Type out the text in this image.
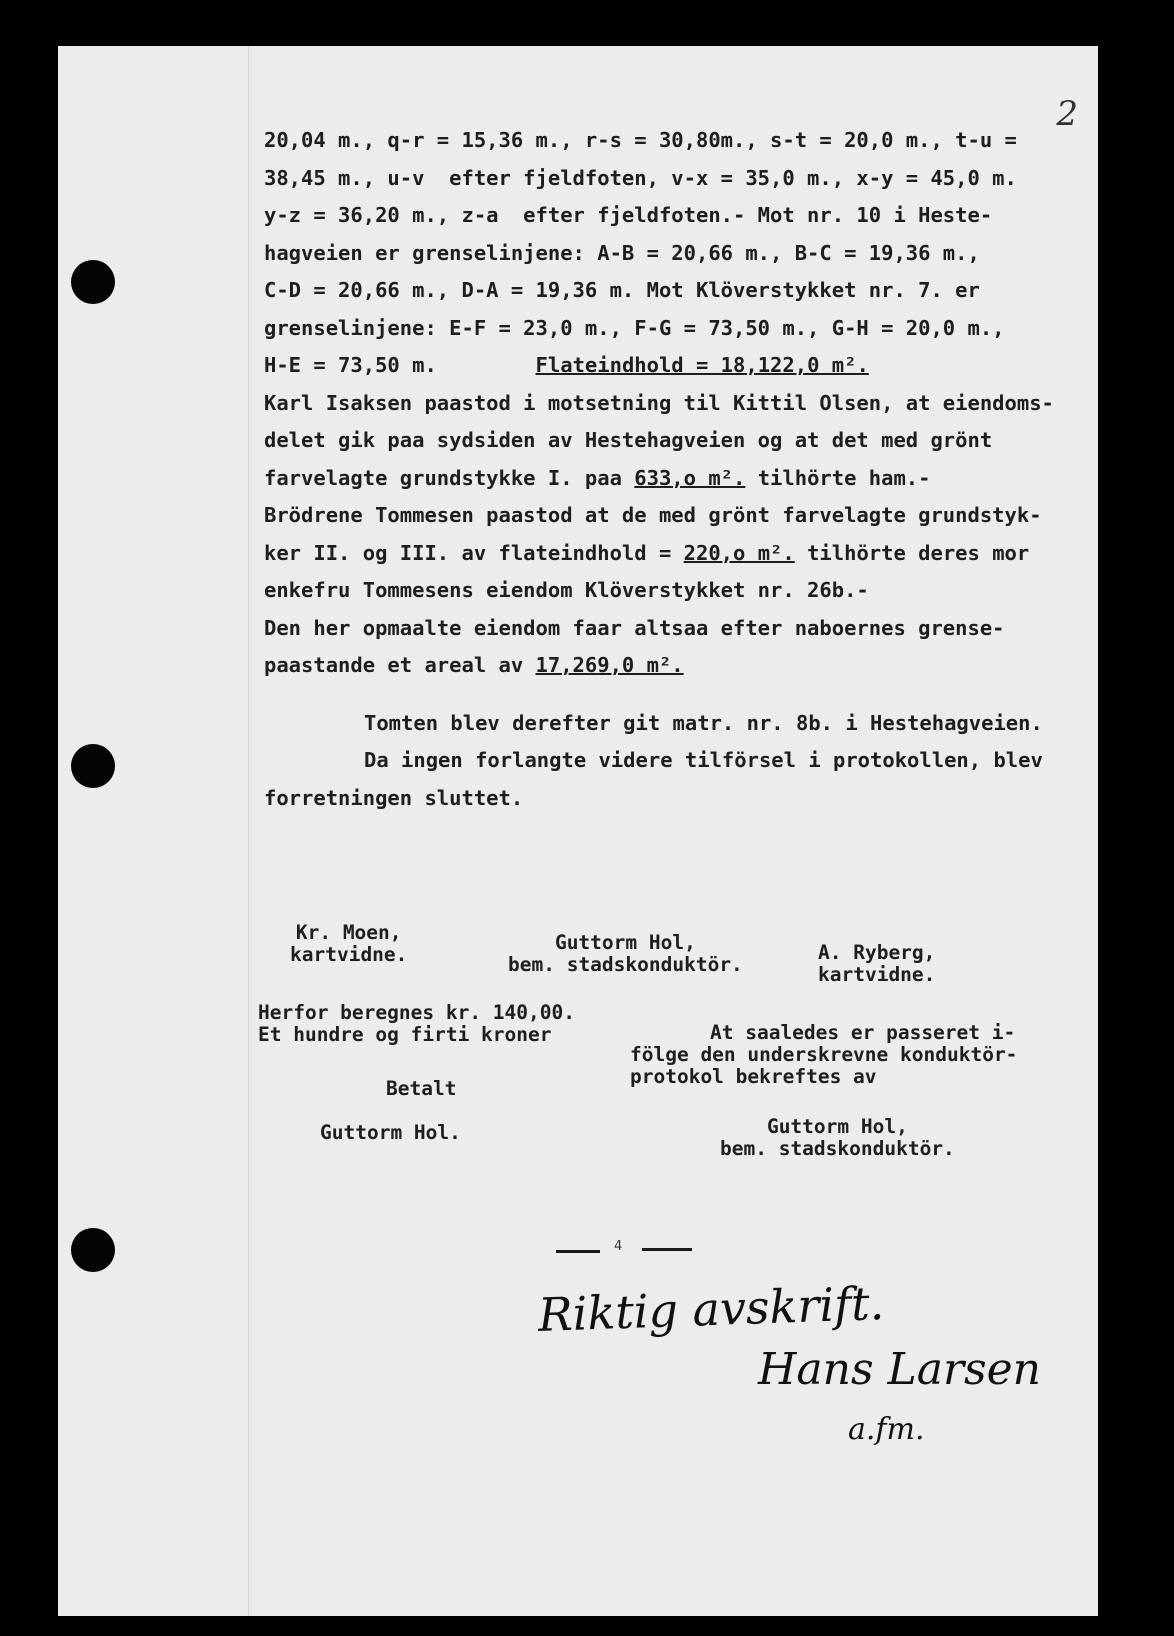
2
20,04 m., q-r = 15,36 m., r-s = 30,80m., s-t = 20,0 m., t-u =
38,45 m., u-v  efter fjeldfoten, v-x = 35,0 m., x-y = 45,0 m.
y-z = 36,20 m., z-a  efter fjeldfoten.- Mot nr. 10 i Heste-
hagveien er grenselinjene: A-B = 20,66 m., B-C = 19,36 m.,
C-D = 20,66 m., D-A = 19,36 m. Mot Klöverstykket nr. 7. er
grenselinjene: E-F = 23,0 m., F-G = 73,50 m., G-H = 20,0 m.,
H-E = 73,50 m.	Flateindhold = 18,122,0 m².
Karl Isaksen paastod i motsetning til Kittil Olsen, at eiendoms-
delet gik paa sydsiden av Hestehagveien og at det med grönt
farvelagte grundstykke I. paa 633,o m². tilhörte ham.-
Brödrene Tommesen paastod at de med grönt farvelagte grundstyk-
ker II. og III. av flateindhold = 220,o m². tilhörte deres mor
enkefru Tommesens eiendom Klöverstykket nr. 26b.-
Den her opmaalte eiendom faar altsaa efter naboernes grense-
paastande et areal av 17,269,0 m².
Tomten blev derefter git matr. nr. 8b. i Hestehagveien.
Da ingen forlangte videre tilförsel i protokollen, blev
forretningen sluttet.
Kr. Moen,
kartvidne.
Guttorm Hol,
bem. stadskonduktör.
A. Ryberg,
kartvidne.
Herfor beregnes kr. 140,00.
Et hundre og firti kroner
Betalt
Guttorm Hol.
At saaledes er passeret i-
fölge den underskrevne konduktör-
protokol bekreftes av
Guttorm Hol,
bem. stadskonduktör.
4
Riktig avskrift.
Hans Larsen
a.fm.
